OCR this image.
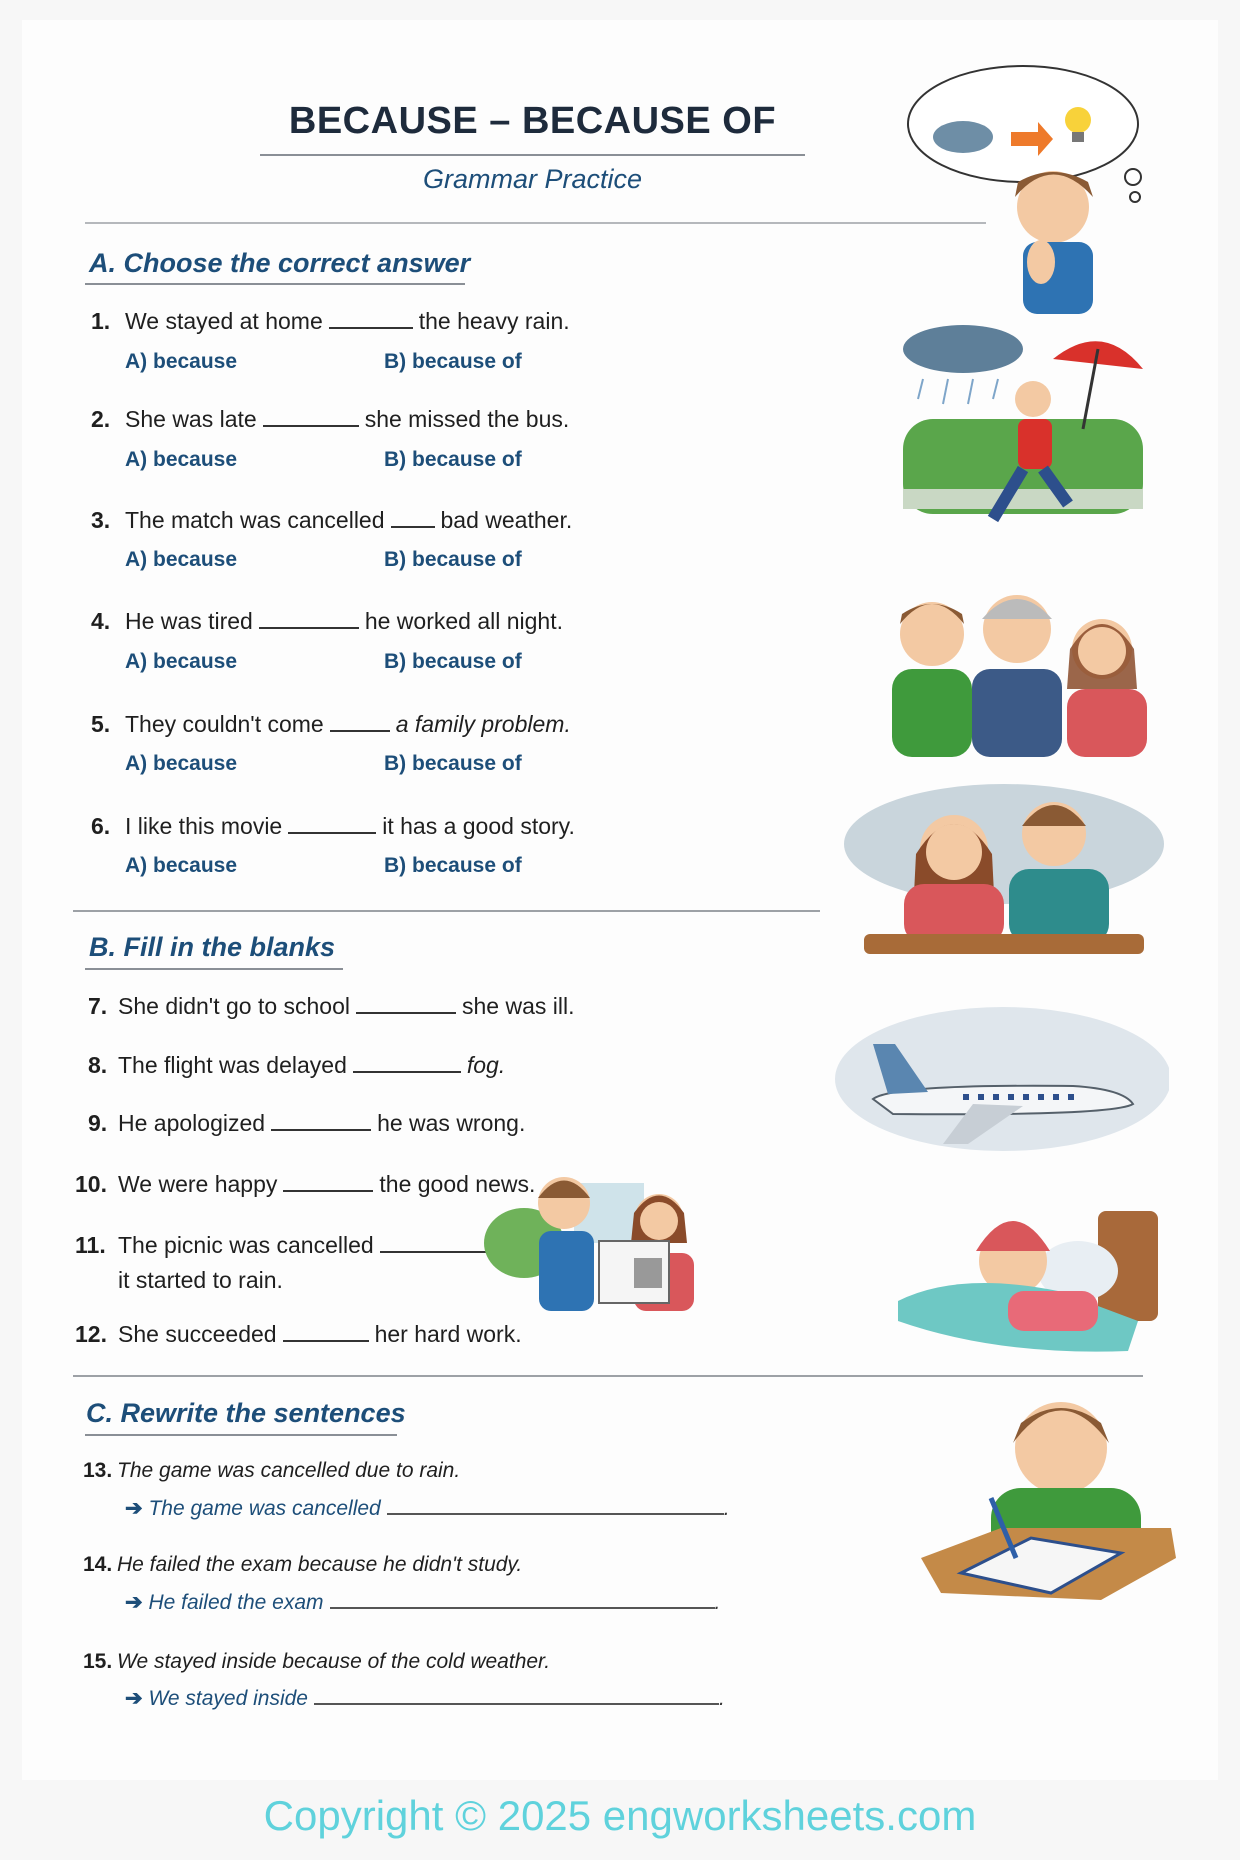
BECAUSE – BECAUSE OF
Grammar Practice
A. Choose the correct answer
1. We stayed at home	the heavy rain.
A) because	B) because of
2. She was late	she missed the bus.
A) because	B) because of
3. The match was cancelled bad weather.
A) because	B) because of
4. He was tired	he worked all night.
A) because	B) because of
5. They couldn't come	a family problem.
A) because	B) because of
6. I like this movie	it has a good story.
A) because	B) because of
B. Fill in the blanks
7. She didn't go to school	she was ill.
8. The flight was delayed	fog.
9. He apologized	he was wrong.
10. We were happy	the good news.
11. The picnic was cancelled
it started to rain.
12. She succeeded	her hard work.
C. Rewrite the sentences
13. The game was cancelled due to rain.
➔ The game was cancelled	.
14. He failed the exam because he didn't study.
➔ He failed the exam	.
15. We stayed inside because of the cold weather.
➔ We stayed inside	.
Copyright © 2025 engworksheets.com
